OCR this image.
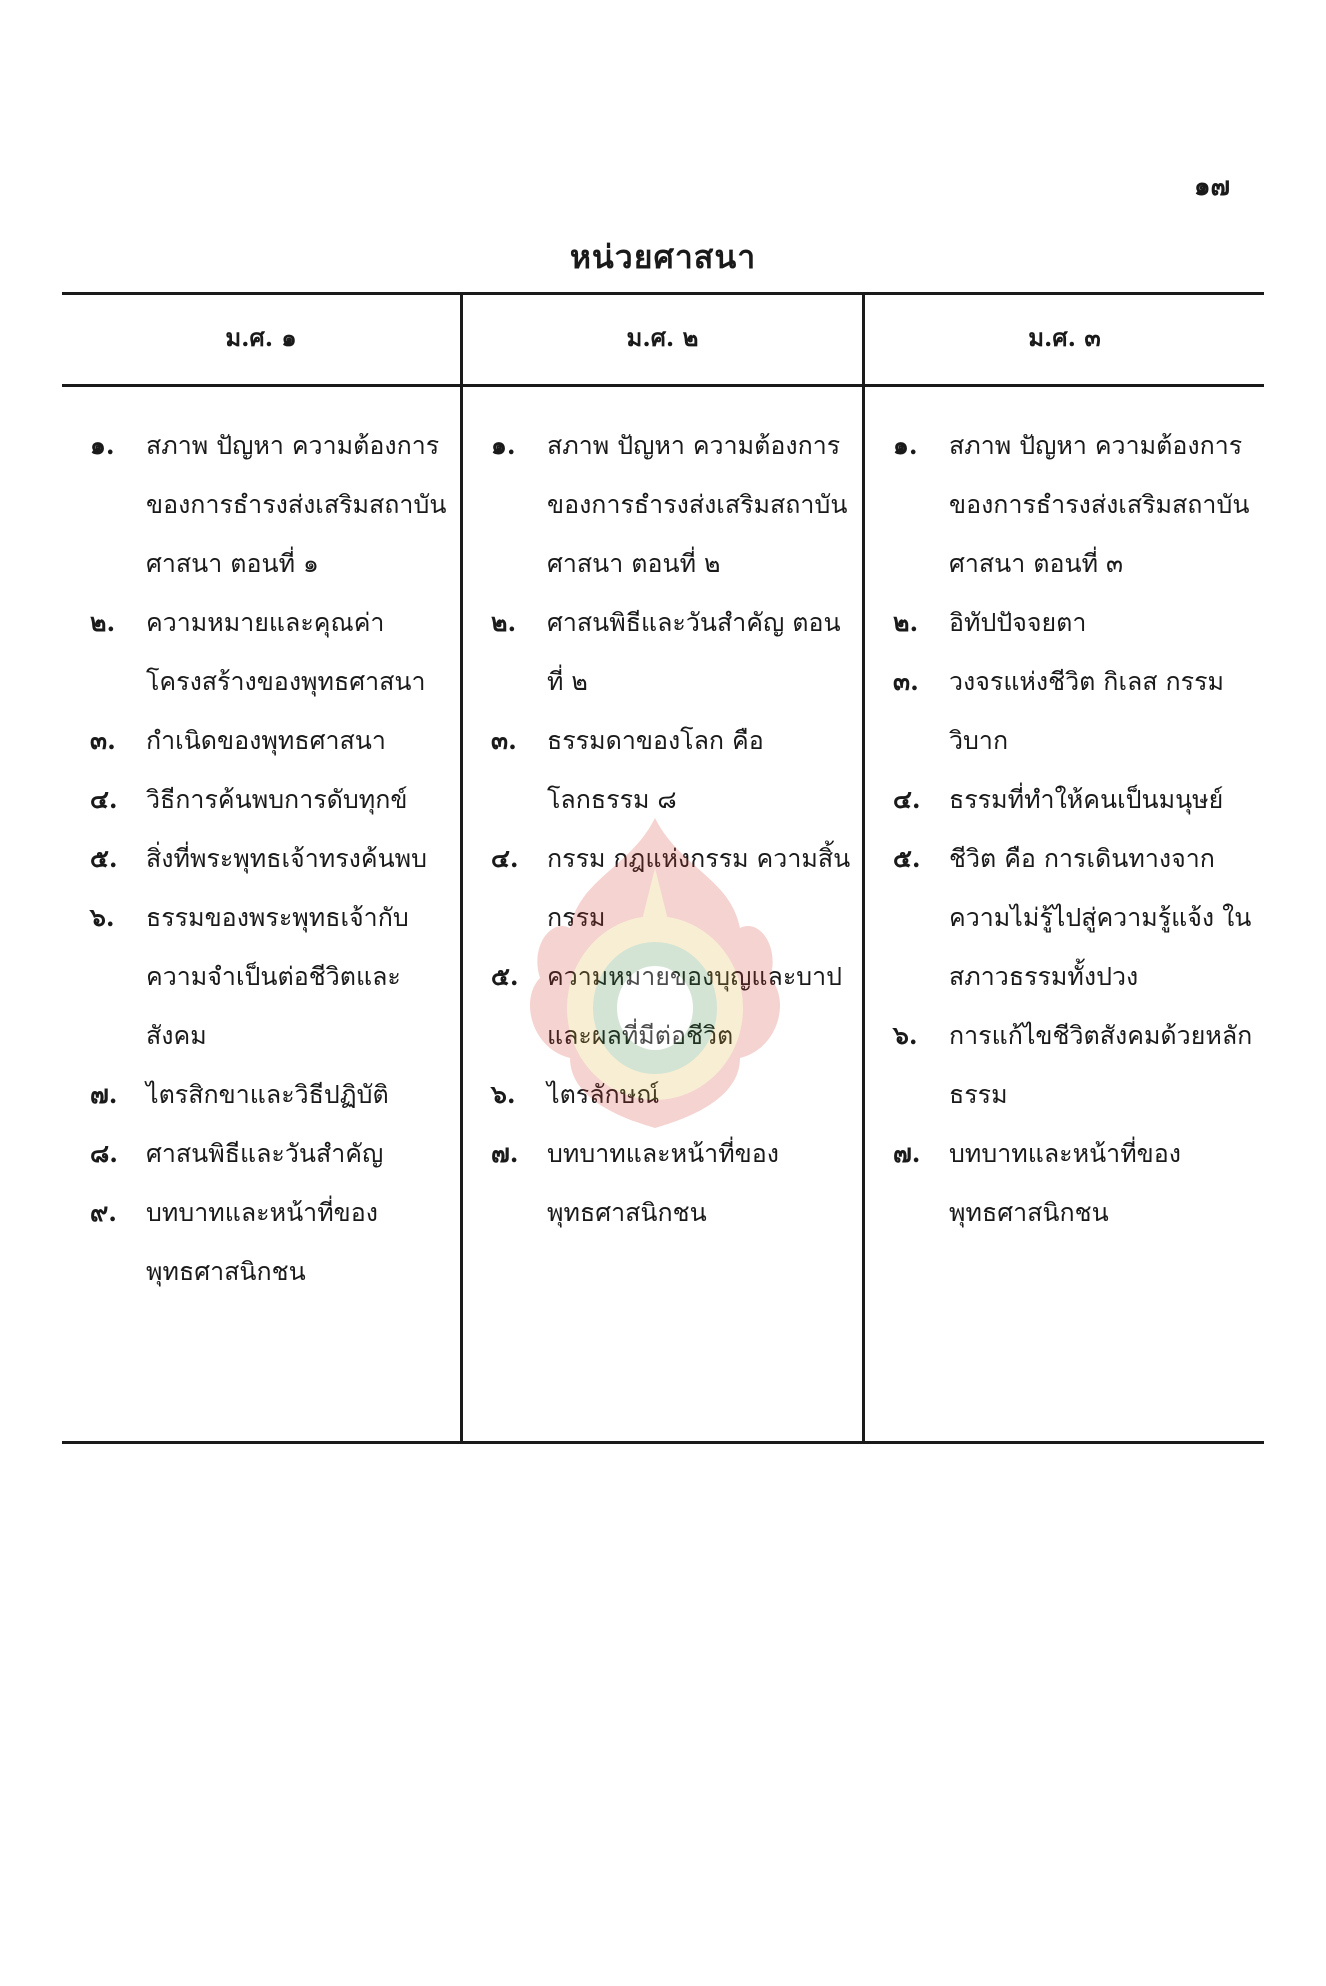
๑๗
หน่วยศาสนา
ม.ศ. ๑
๑.	สภาพ ปัญหา ความต้องการของการธำรงส่งเสริมสถาบันศาสนา ตอนที่ ๑
๒.	ความหมายและคุณค่าโครงสร้างของพุทธศาสนา
๓.	กำเนิดของพุทธศาสนา
๔.	วิธีการค้นพบการดับทุกข์
๕.	สิ่งที่พระพุทธเจ้าทรงค้นพบ
๖.	ธรรมของพระพุทธเจ้ากับความจำเป็นต่อชีวิตและสังคม
๗.	ไตรสิกขาและวิธีปฏิบัติ
๘.	ศาสนพิธีและวันสำคัญ
๙.	บทบาทและหน้าที่ของพุทธศาสนิกชน
ม.ศ. ๒
๑.	สภาพ ปัญหา ความต้องการของการธำรงส่งเสริมสถาบันศาสนา ตอนที่ ๒
๒.	ศาสนพิธีและวันสำคัญ ตอนที่ ๒
๓.	ธรรมดาของโลก คือ โลกธรรม ๘
๔.	กรรม กฎแห่งกรรม ความสิ้นกรรม
๕.	ความหมายของบุญและบาปและผลที่มีต่อชีวิต
๖.	ไตรลักษณ์
๗.	บทบาทและหน้าที่ของพุทธศาสนิกชน
ม.ศ. ๓
๑.	สภาพ ปัญหา ความต้องการของการธำรงส่งเสริมสถาบันศาสนา ตอนที่ ๓
๒.	อิทัปปัจจยตา
๓.	วงจรแห่งชีวิต กิเลส กรรมวิบาก
๔.	ธรรมที่ทำให้คนเป็นมนุษย์
๕.	ชีวิต คือ การเดินทางจากความไม่รู้ไปสู่ความรู้แจ้ง ในสภาวธรรมทั้งปวง
๖.	การแก้ไขชีวิตสังคมด้วยหลักธรรม
๗.	บทบาทและหน้าที่ของพุทธศาสนิกชน
